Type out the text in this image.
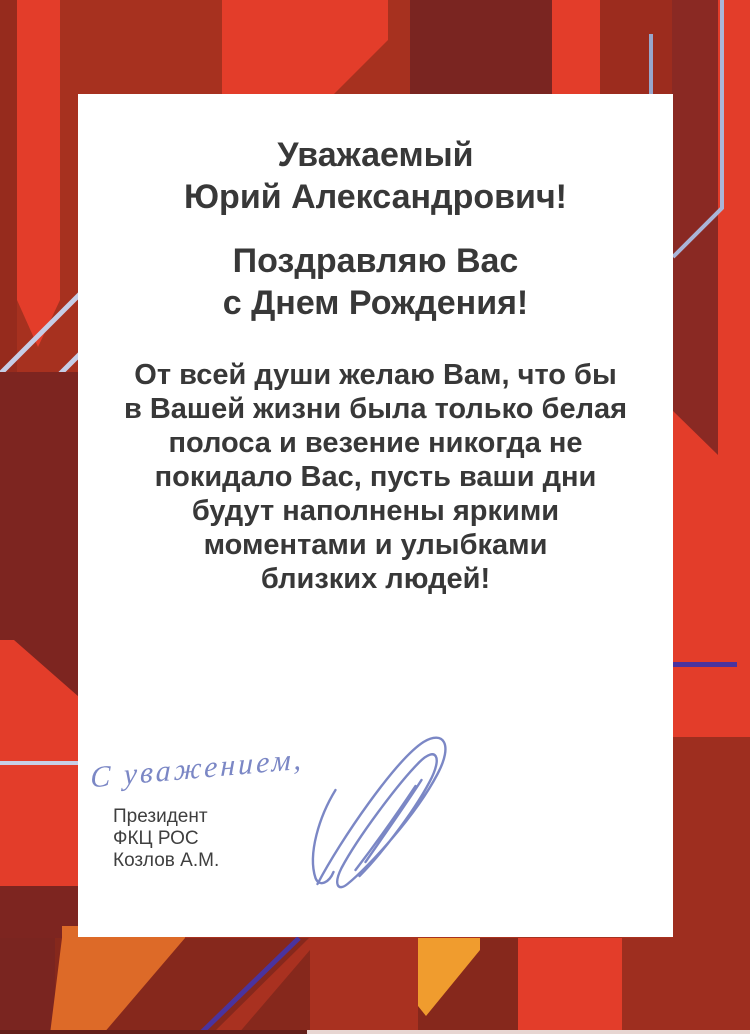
Уважаемый
Юрий Александрович!
Поздравляю Вас
с Днем Рождения!
От всей души желаю Вам, что бы
в Вашей жизни была только белая
полоса и везение никогда не
покидало Вас, пусть ваши дни
будут наполнены яркими
моментами и улыбками
близких людей!
С уважением,
Президент
ФКЦ РОС
Козлов А.М.
